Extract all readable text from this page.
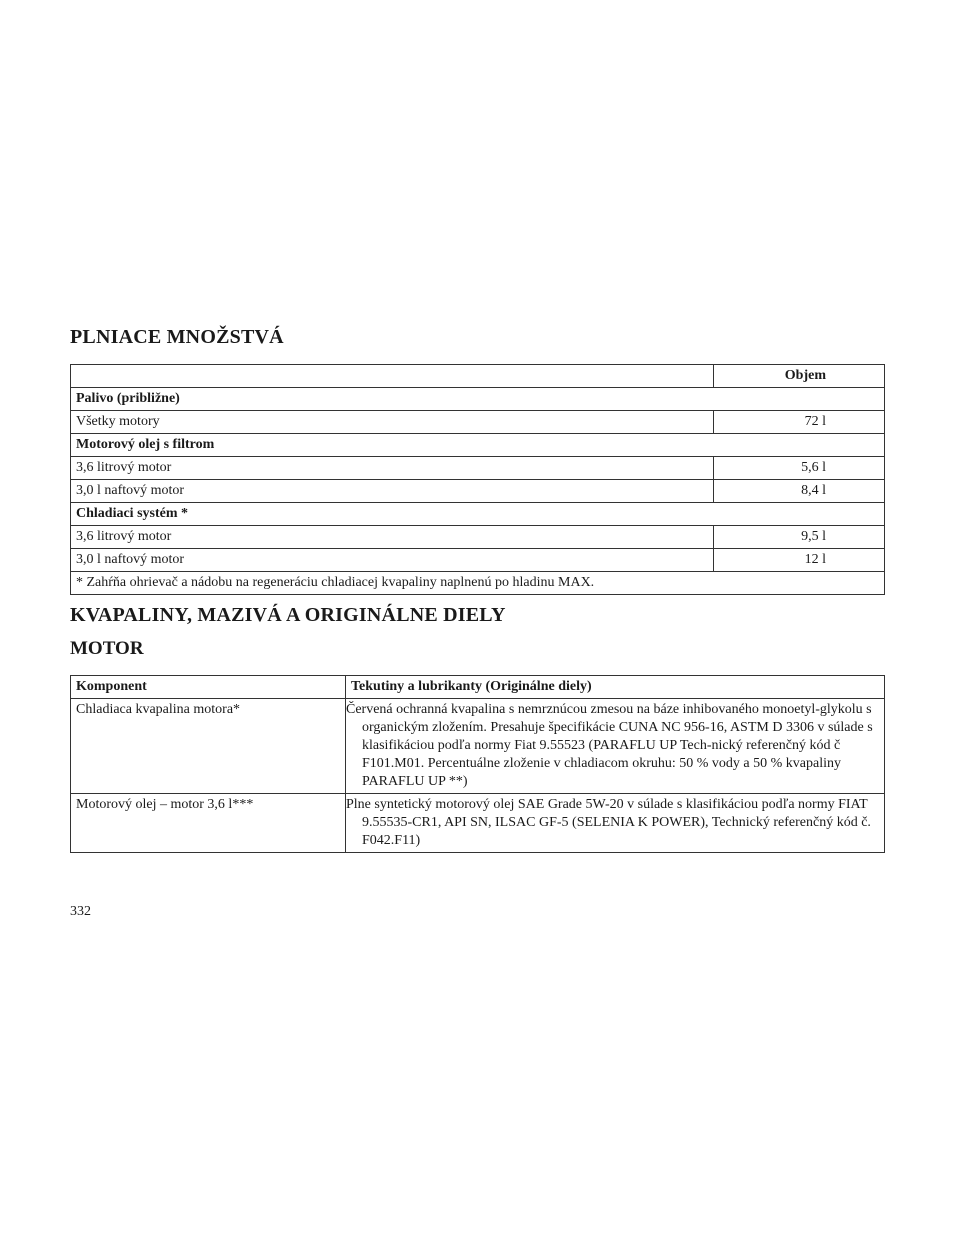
PLNIACE MNOŽSTVÁ
	Objem
Palivo (približne)	
Všetky motory	72 l
Motorový olej s filtrom	
3,6 litrový motor	5,6 l
3,0 l naftový motor	8,4 l
Chladiaci systém *	
3,6 litrový motor	9,5 l
3,0 l naftový motor	12 l
* Zahŕňa ohrievač a nádobu na regeneráciu chladiacej kvapaliny naplnenú po hladinu MAX.	
KVAPALINY, MAZIVÁ A ORIGINÁLNE DIELY
MOTOR
Komponent	Tekutiny a lubrikanty (Originálne diely)
Chladiaca kvapalina motora*	Červená ochranná kvapalina s nemrznúcou zmesou na báze inhibovaného monoetyl-glykolu s organickým zložením. Presahuje špecifikácie CUNA NC 956-16, ASTM D 3306 v súlade s klasifikáciou podľa normy Fiat 9.55523 (PARAFLU UP Tech-nický referenčný kód č F101.M01. Percentuálne zloženie v chladiacom okruhu: 50 % vody a 50 % kvapaliny PARAFLU UP **)
Motorový olej – motor 3,6 l***	Plne syntetický motorový olej SAE Grade 5W-20 v súlade s klasifikáciou podľa normy FIAT 9.55535-CR1, API SN, ILSAC GF-5 (SELENIA K POWER), Technický referenčný kód č. F042.F11)
332
